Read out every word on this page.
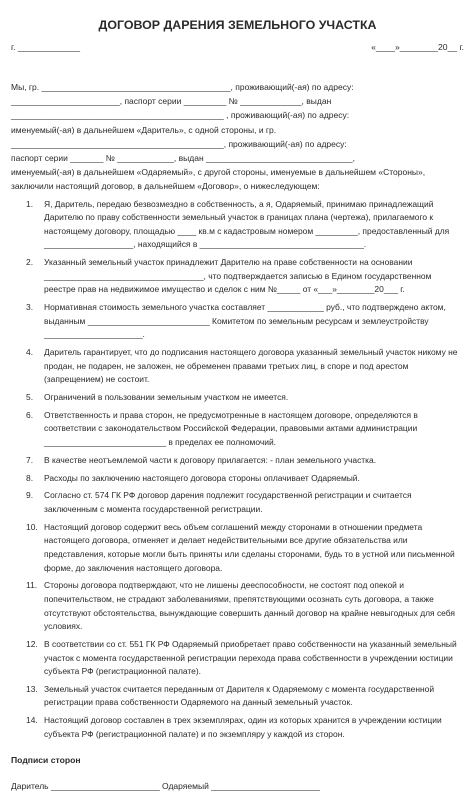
ДОГОВОР ДАРЕНИЯ ЗЕМЕЛЬНОГО УЧАСТКА
г. _____________	«____»________20__ г.

Мы, гр. ________________________________________, проживающий(-ая) по адресу:

_______________________, паспорт серии _________ № _____________, выдан

_____________________________________________ , проживающий(-ая) по адресу:

именуемый(-ая) в дальнейшем «Даритель», с одной стороны, и гр.

_____________________________________________, проживающий(-ая) по адресу:

паспорт серии _______ № ____________, выдан _______________________________,

именуемый(-ая) в дальнейшем «Одаряемый», с другой стороны, именуемые в дальнейшем «Стороны»,

заключили настоящий договор, в дальнейшем «Договор», о нижеследующем:

1. Я, Даритель, передаю безвозмездно в собственность, а я, Одаряемый, принимаю принадлежащий Дарителю по праву собственности земельный участок в границах плана (чертежа), прилагаемого к настоящему договору, площадью ____ кв.м с кадастровым номером _________, предоставленный для ___________________, находящийся в ___________________________________.
2. Указанный земельный участок принадлежит Дарителю на праве собственности на основании __________________________________, что подтверждается записью в Едином государственном реестре прав на недвижимое имущество и сделок с ним №_____ от «___»________20___ г.
3. Нормативная стоимость земельного участка составляет ____________ руб., что подтверждено актом, выданным __________________________ Комитетом по земельным ресурсам и землеустройству _____________________.
4. Даритель гарантирует, что до подписания настоящего договора указанный земельный участок никому не продан, не подарен, не заложен, не обременен правами третьих лиц, в споре и под арестом (запрещением) не состоит.
5. Ограничений в пользовании земельным участком не имеется.
6. Ответственность и права сторон, не предусмотренные в настоящем договоре, определяются в соответствии с законодательством Российской Федерации, правовыми актами администрации __________________________ в пределах ее полномочий.
7. В качестве неотъемлемой части к договору прилагается: - план земельного участка.
8. Расходы по заключению настоящего договора стороны оплачивает Одаряемый.
9. Согласно ст. 574 ГК РФ договор дарения подлежит государственной регистрации и считается заключенным с момента государственной регистрации.
10. Настоящий договор содержит весь объем соглашений между сторонами в отношении предмета настоящего договора, отменяет и делает недействительными все другие обязательства или представления, которые могли быть приняты или сделаны сторонами, будь то в устной или письменной форме, до заключения настоящего договора.
11. Стороны договора подтверждают, что не лишены дееспособности, не состоят под опекой и попечительством, не страдают заболеваниями, препятствующими осознать суть договора, а также отсутствуют обстоятельства, вынуждающие совершить данный договор на крайне невыгодных для себя условиях.
12. В соответствии со ст. 551 ГК РФ Одаряемый приобретает право собственности на указанный земельный участок с момента государственной регистрации перехода права собственности в учреждении юстиции субъекта РФ (регистрационной палате).
13. Земельный участок считается переданным от Дарителя к Одаряемому с момента государственной регистрации права собственности Одаряемого на данный земельный участок.
14. Настоящий договор составлен в трех экземплярах, один из которых хранится в учреждении юстиции субъекта РФ (регистрационной палате) и по экземпляру у каждой из сторон.
Подписи сторон
Даритель _______________________ Одаряемый _______________________
